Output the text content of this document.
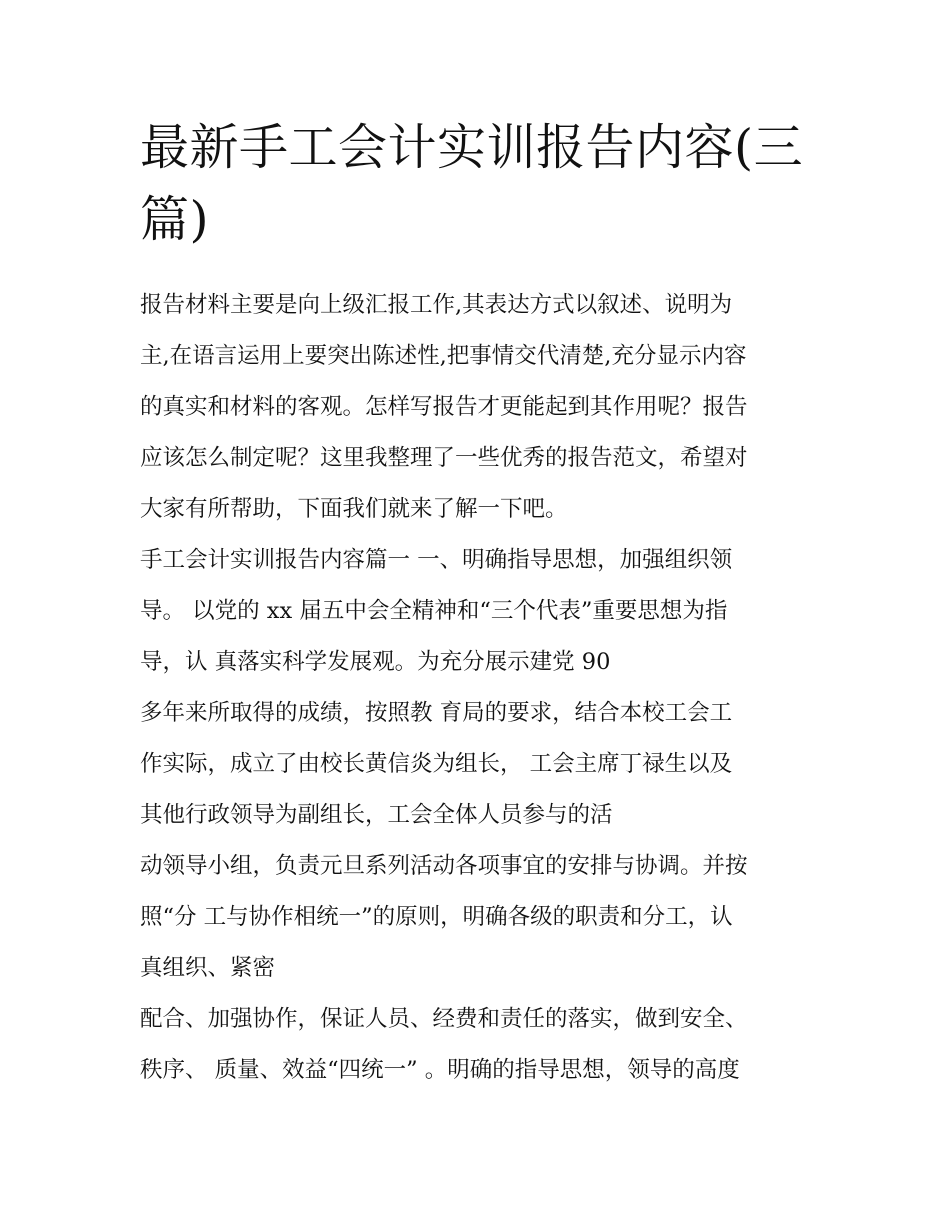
最新手工会计实训报告内容(三
篇)
报告材料主要是向上级汇报工作,其表达方式以叙述、说明为
主,在语言运用上要突出陈述性,把事情交代清楚,充分显示内容
的真实和材料的客观。怎样写报告才更能起到其作用呢？报告
应该怎么制定呢？这里我整理了一些优秀的报告范文，希望对
大家有所帮助，下面我们就来了解一下吧。
手工会计实训报告内容篇一 一、明确指导思想，加强组织领
导。 以党的 xx 届五中会全精神和“三个代表”重要思想为指
导，认 真落实科学发展观。为充分展示建党 90
多年来所取得的成绩，按照教 育局的要求，结合本校工会工
作实际，成立了由校长黄信炎为组长， 工会主席丁禄生以及
其他行政领导为副组长，工会全体人员参与的活
动领导小组，负责元旦系列活动各项事宜的安排与协调。并按
照“分 工与协作相统一”的原则，明确各级的职责和分工，认
真组织、紧密
配合、加强协作，保证人员、经费和责任的落实，做到安全、
秩序、 质量、效益“四统一” 。明确的指导思想，领导的高度
